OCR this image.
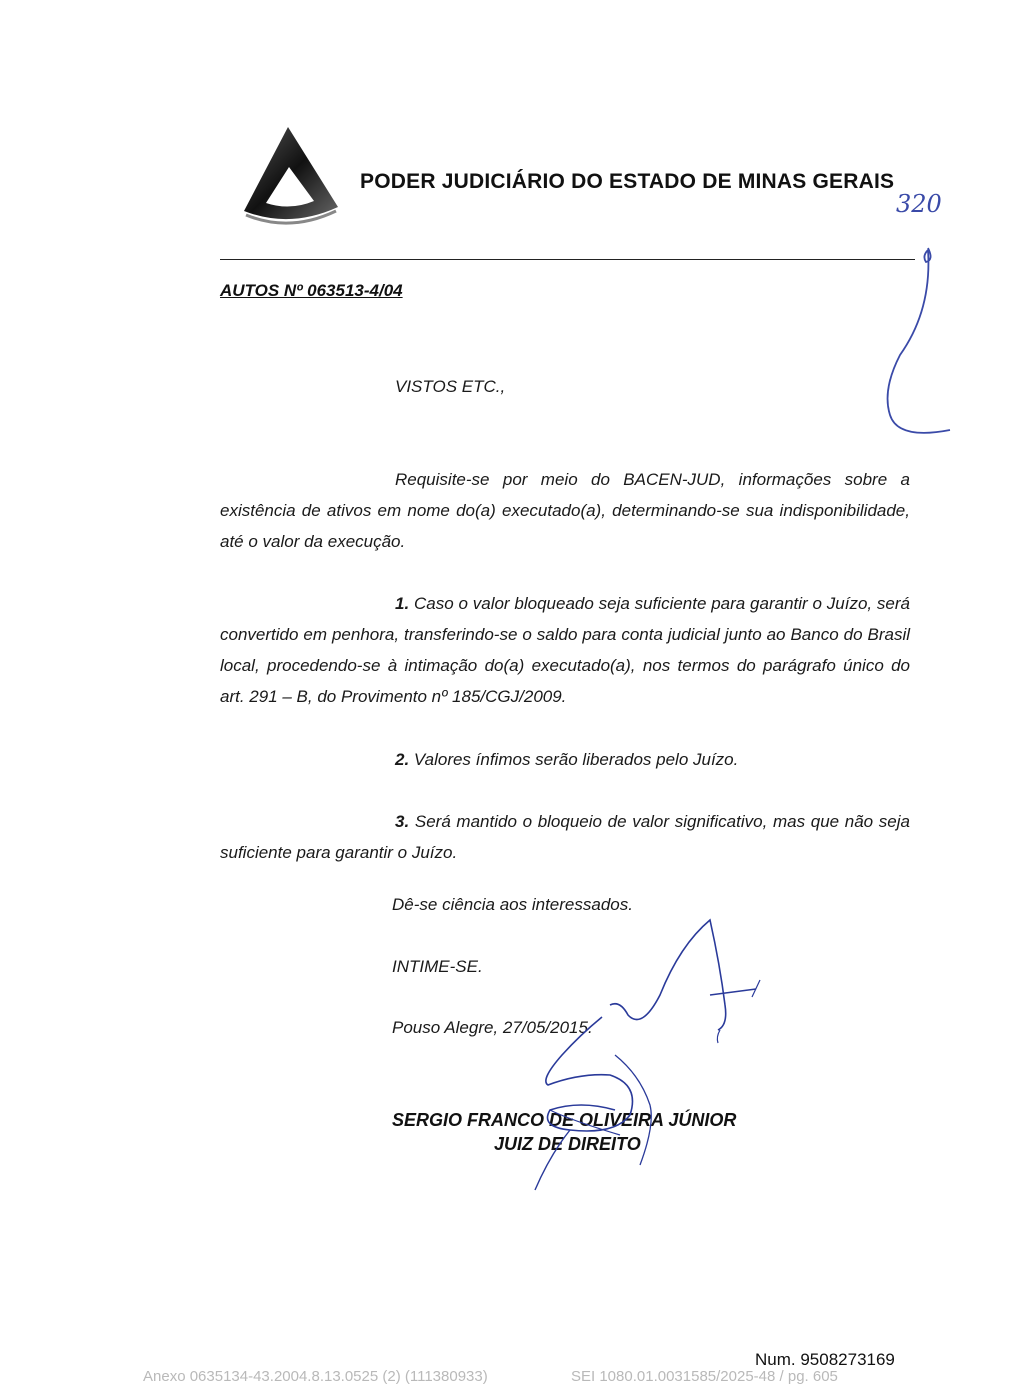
PODER JUDICIÁRIO DO ESTADO DE MINAS GERAIS
320
AUTOS Nº 063513-4/04
VISTOS ETC.,
Requisite-se por meio do BACEN-JUD, informações sobre a existência de ativos em nome do(a) executado(a), determinando-se sua indisponibilidade, até o valor da execução.
1. Caso o valor bloqueado seja suficiente para garantir o Juízo, será convertido em penhora, transferindo-se o saldo para conta judicial junto ao Banco do Brasil local, procedendo-se à intimação do(a) executado(a), nos termos do parágrafo único do art. 291 – B, do Provimento nº 185/CGJ/2009.
2. Valores ínfimos serão liberados pelo Juízo.
3. Será mantido o bloqueio de valor significativo, mas que não seja suficiente para garantir o Juízo.
Dê-se ciência aos interessados.
INTIME-SE.
Pouso Alegre, 27/05/2015.
SERGIO FRANCO DE OLIVEIRA JÚNIOR
JUIZ DE DIREITO
Num. 9508273169
Anexo 0635134-43.2004.8.13.0525 (2) (111380933)	SEI 1080.01.0031585/2025-48 / pg. 605
